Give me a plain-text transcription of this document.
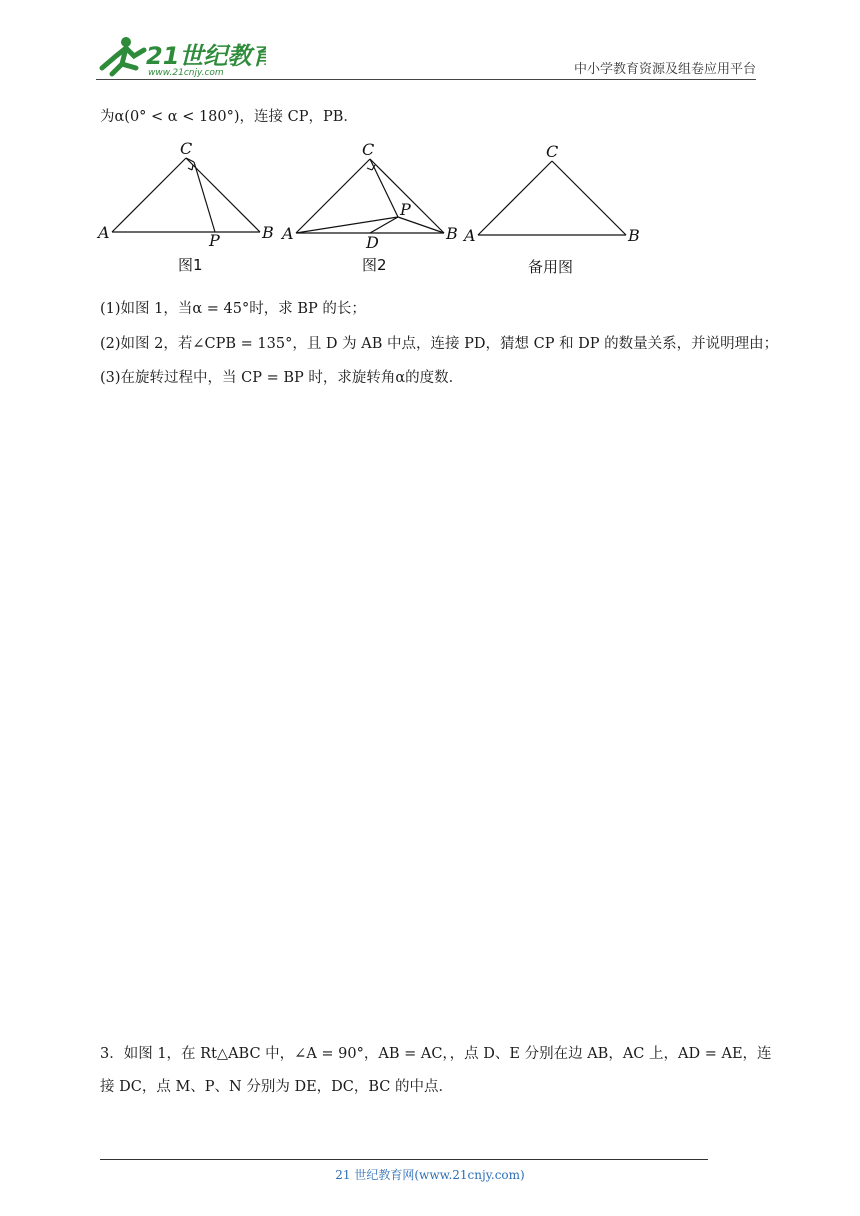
21世纪教育
www.21cnjy.com	中小学教育资源及组卷应用平台
为α(0° < α < 180°)，连接 CP，PB．
C
A	B
P
图1
C
A	B
P
D
图2
C
A	B
备用图
(1)如图 1，当α = 45°时，求 BP 的长；
(2)如图 2，若∠CPB = 135°，且 D 为 AB 中点，连接 PD，猜想 CP 和 DP 的数量关系，并说明理由；
(3)在旋转过程中，当 CP = BP 时，求旋转角α的度数．
3．如图 1，在 Rt△ABC 中，∠A = 90°，AB = AC，，点 D、E 分别在边 AB，AC 上，AD = AE，连
接 DC，点 M、P、N 分别为 DE，DC，BC 的中点．
21 世纪教育网(www.21cnjy.com)
